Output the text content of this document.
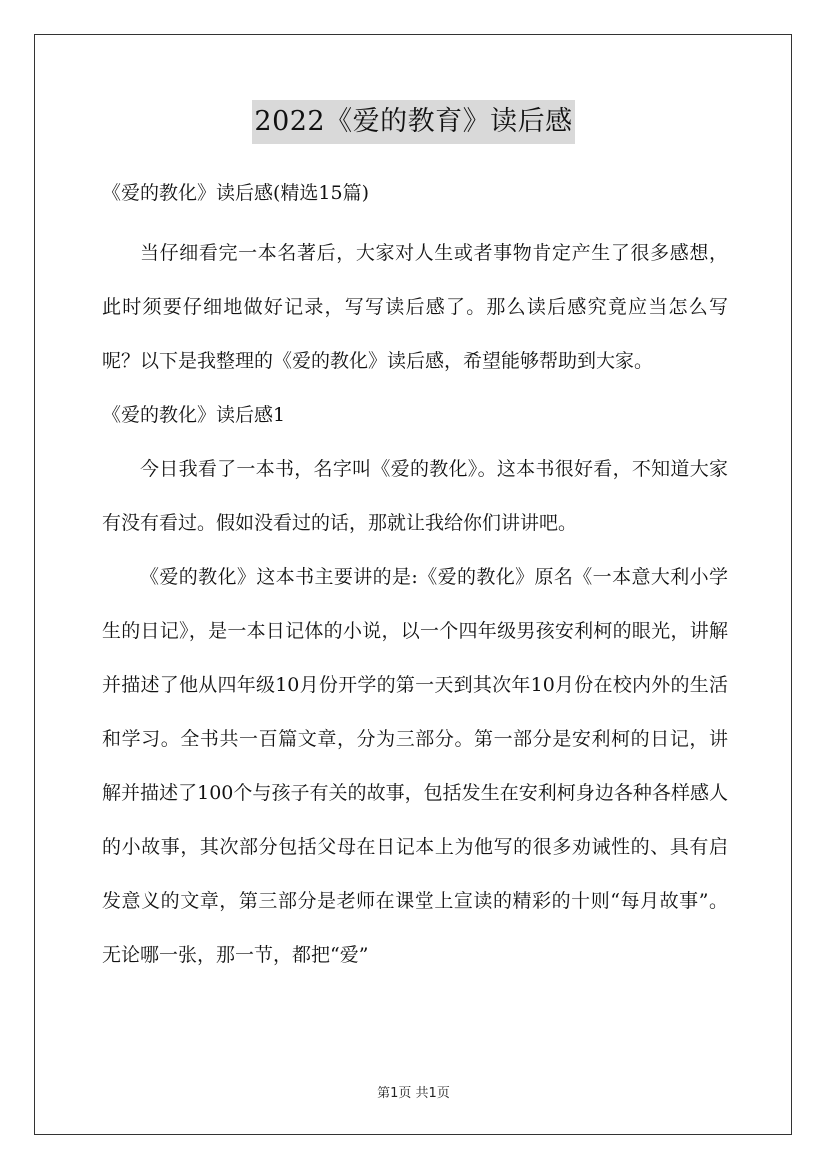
2022《爱的教育》读后感

《爱的教化》读后感(精选15篇)

当仔细看完一本名著后，大家对人生或者事物肯定产生了很多感想，此时须要仔细地做好记录，写写读后感了。那么读后感究竟应当怎么写呢？以下是我整理的《爱的教化》读后感，希望能够帮助到大家。

《爱的教化》读后感1

今日我看了一本书，名字叫《爱的教化》。这本书很好看，不知道大家有没有看过。假如没看过的话，那就让我给你们讲讲吧。

《爱的教化》这本书主要讲的是:《爱的教化》原名《一本意大利小学生的日记》，是一本日记体的小说，以一个四年级男孩安利柯的眼光，讲解并描述了他从四年级10月份开学的第一天到其次年10月份在校内外的生活和学习。全书共一百篇文章，分为三部分。第一部分是安利柯的日记，讲解并描述了100个与孩子有关的故事，包括发生在安利柯身边各种各样感人的小故事，其次部分包括父母在日记本上为他写的很多劝诫性的、具有启发意义的文章，第三部分是老师在课堂上宣读的精彩的十则“每月故事”。无论哪一张，那一节，都把“爱”

第1页 共1页
